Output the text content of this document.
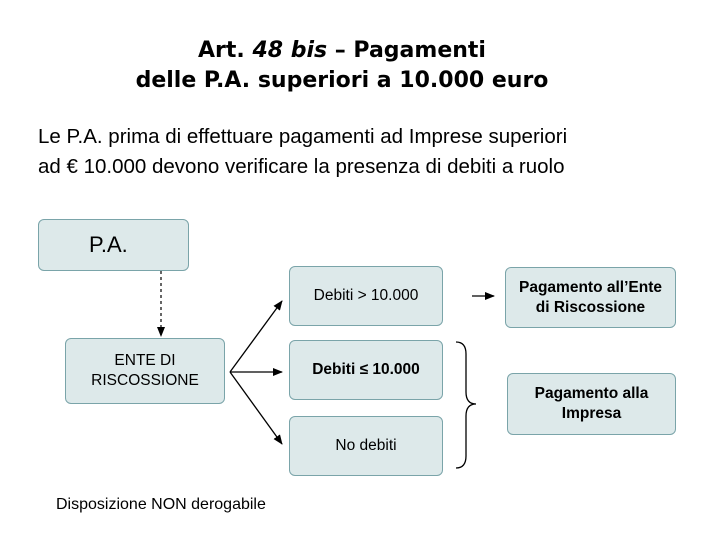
Art. 48 bis – Pagamenti
delle P.A. superiori a 10.000 euro
Le P.A. prima di effettuare pagamenti ad Imprese superiori
ad € 10.000 devono verificare la presenza di debiti a ruolo
P.A.
ENTE DI
RISCOSSIONE
Debiti > 10.000
Debiti ≤ 10.000
No debiti
Pagamento all’Ente
di Riscossione
Pagamento alla
Impresa
Disposizione NON derogabile
